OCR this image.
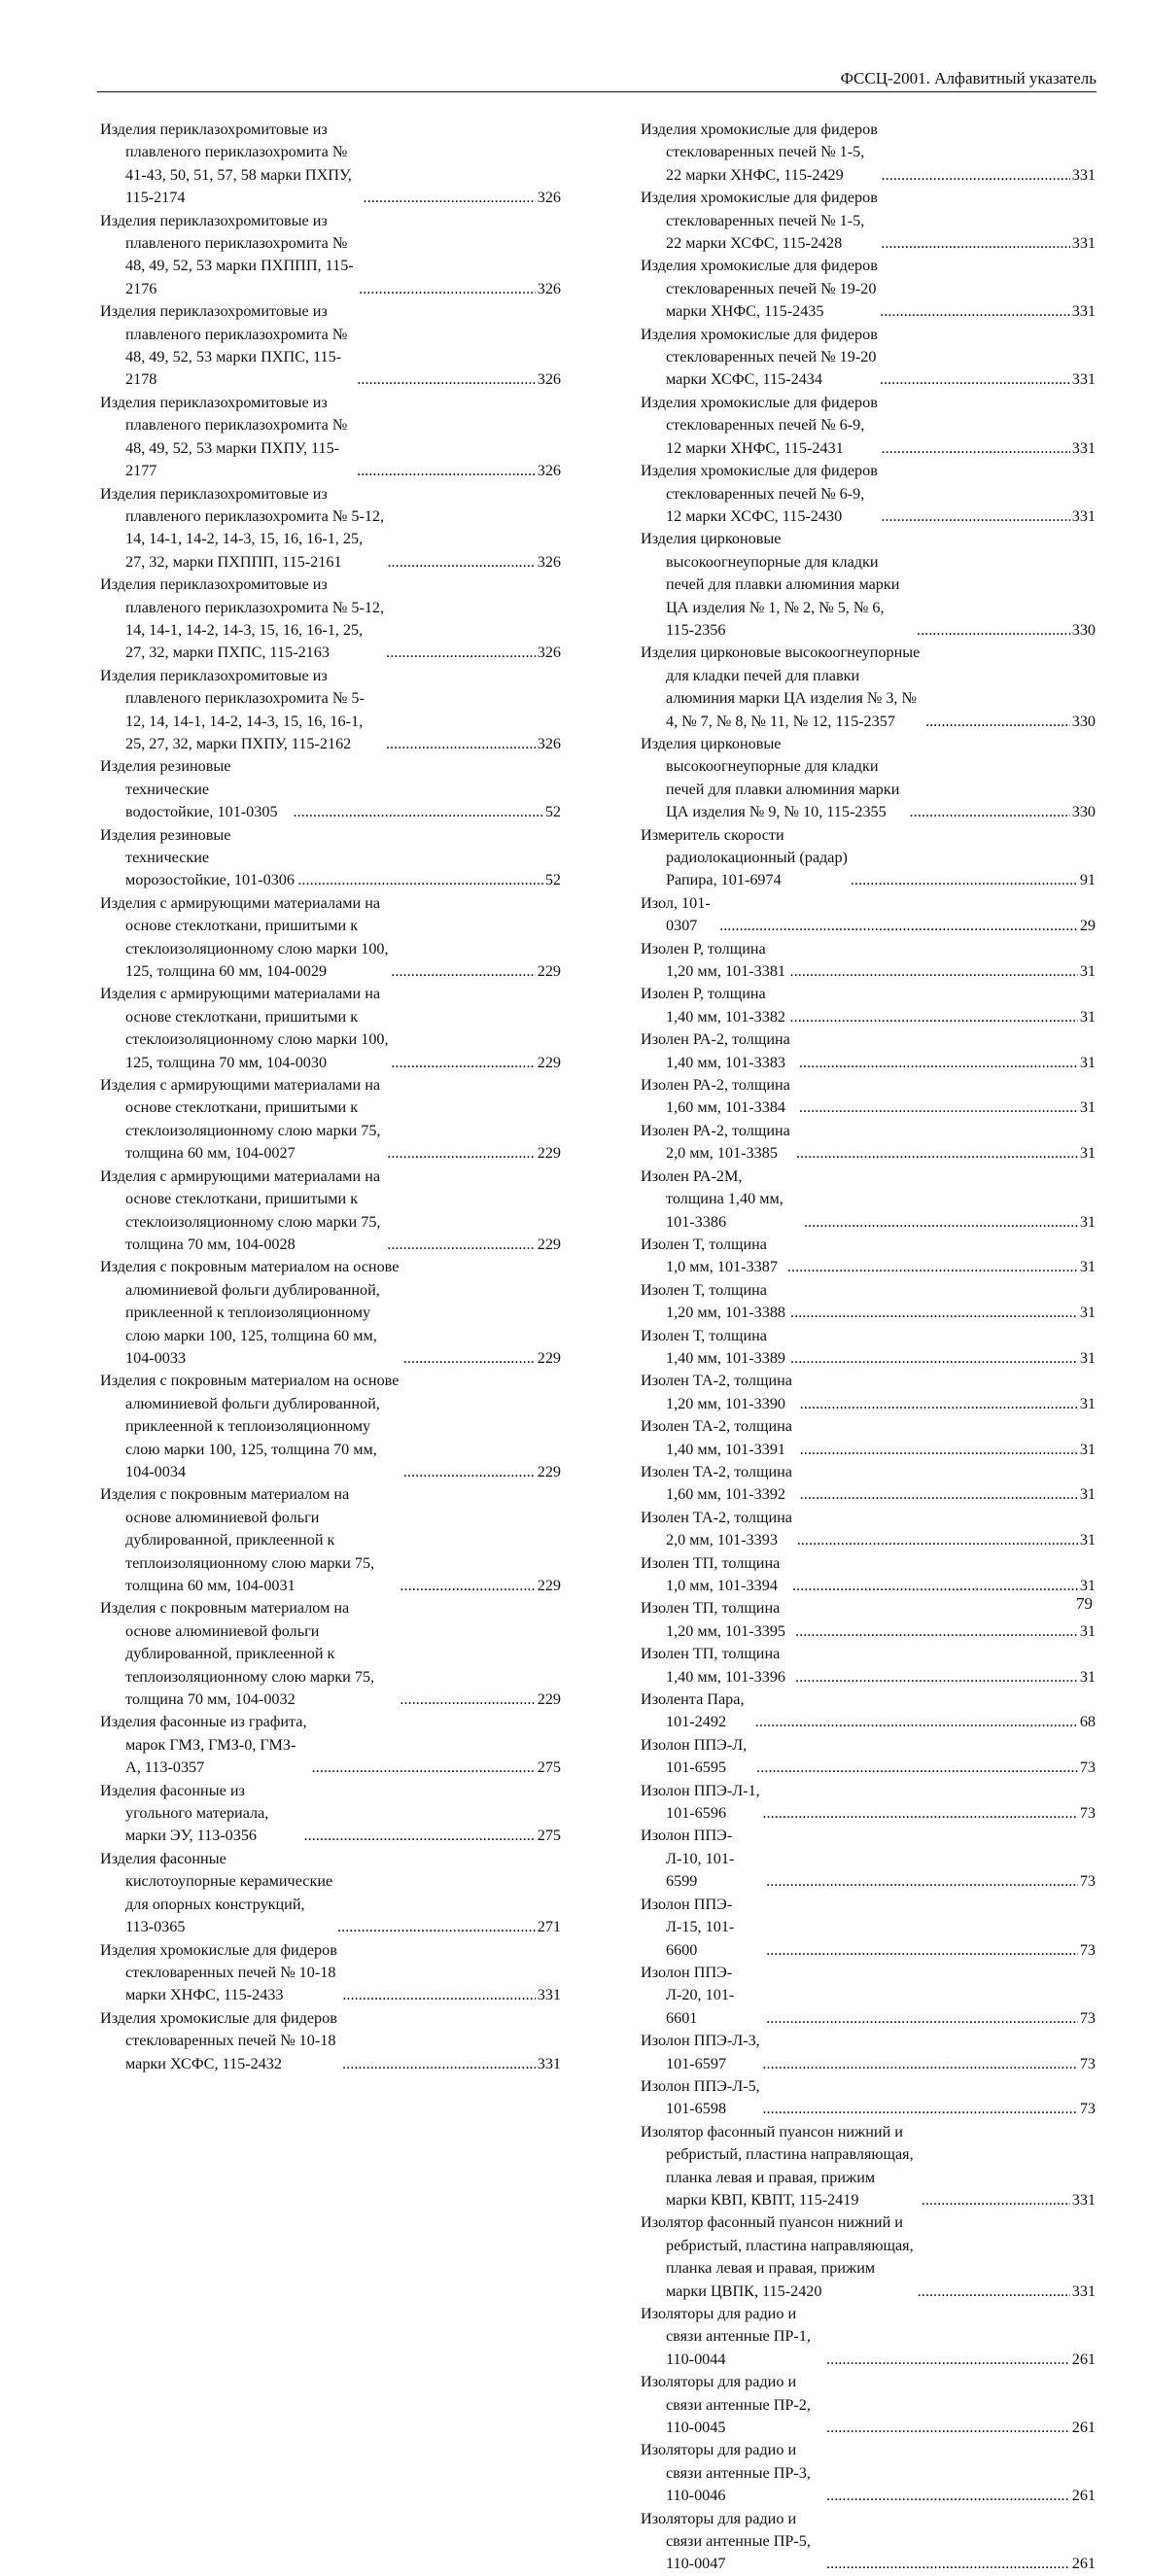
ФССЦ-2001. Алфавитный указатель
Изделия периклазохромитовые из плавленого периклазохромита № 41-43, 50, 51, 57, 58 марки ПХПУ, 115-2174 . . .	326
Изделия периклазохромитовые из плавленого периклазохромита № 48, 49, 52, 53 марки ПХППП, 115-2176 . . .	326
Изделия периклазохромитовые из плавленого периклазохромита № 48, 49, 52, 53 марки ПХПС, 115-2178 . . .	326
Изделия периклазохромитовые из плавленого периклазохромита № 48, 49, 52, 53 марки ПХПУ, 115-2177 . . .	326
Изделия периклазохромитовые из плавленого периклазохромита № 5-12, 14, 14-1, 14-2, 14-3, 15, 16, 16-1, 25, 27, 32, марки ПХППП, 115-2161 . . .	326
Изделия периклазохромитовые из плавленого периклазохромита № 5-12, 14, 14-1, 14-2, 14-3, 15, 16, 16-1, 25, 27, 32, марки ПХПС, 115-2163 . . .	326
Изделия периклазохромитовые из плавленого периклазохромита № 5-12, 14, 14-1, 14-2, 14-3, 15, 16, 16-1, 25, 27, 32, марки ПХПУ, 115-2162 . . .	326
Изделия резиновые технические водостойкие, 101-0305 . . .	52
Изделия резиновые технические морозостойкие, 101-0306 . . .	52
Изделия с армирующими материалами на основе стеклоткани, пришитыми к стеклоизоляционному слою марки 100, 125, толщина 60 мм, 104-0029 . . .	229
Изделия с армирующими материалами на основе стеклоткани, пришитыми к стеклоизоляционному слою марки 100, 125, толщина 70 мм, 104-0030 . . .	229
Изделия с армирующими материалами на основе стеклоткани, пришитыми к стеклоизоляционному слою марки 75, толщина 60 мм, 104-0027 . . .	229
Изделия с армирующими материалами на основе стеклоткани, пришитыми к стеклоизоляционному слою марки 75, толщина 70 мм, 104-0028 . . .	229
Изделия с покровным материалом на основе алюминиевой фольги дублированной, приклеенной к теплоизоляционному слою марки 100, 125, толщина 60 мм, 104-0033 . . .	229
Изделия с покровным материалом на основе алюминиевой фольги дублированной, приклеенной к теплоизоляционному слою марки 100, 125, толщина 70 мм, 104-0034 . . .	229
Изделия с покровным материалом на основе алюминиевой фольги дублированной, приклеенной к теплоизоляционному слою марки 75, толщина 60 мм, 104-0031 . . .	229
Изделия с покровным материалом на основе алюминиевой фольги дублированной, приклеенной к теплоизоляционному слою марки 75, толщина 70 мм, 104-0032 . . .	229
Изделия фасонные из графита, марок ГМЗ, ГМЗ-0, ГМЗ-А, 113-0357 . . .	275
Изделия фасонные из угольного материала, марки ЭУ, 113-0356 . . .	275
Изделия фасонные кислотоупорные керамические для опорных конструкций, 113-0365 . . .	271
Изделия хромокислые для фидеров стекловаренных печей № 10-18 марки ХНФС, 115-2433 . . .	331
Изделия хромокислые для фидеров стекловаренных печей № 10-18 марки ХСФС, 115-2432 . . .	331
Изделия хромокислые для фидеров стекловаренных печей № 1-5, 22 марки ХНФС, 115-2429 . . .	331
Изделия хромокислые для фидеров стекловаренных печей № 1-5, 22 марки ХСФС, 115-2428 . . .	331
Изделия хромокислые для фидеров стекловаренных печей № 19-20 марки ХНФС, 115-2435 . . .	331
Изделия хромокислые для фидеров стекловаренных печей № 19-20 марки ХСФС, 115-2434 . . .	331
Изделия хромокислые для фидеров стекловаренных печей № 6-9, 12 марки ХНФС, 115-2431 . . .	331
Изделия хромокислые для фидеров стекловаренных печей № 6-9, 12 марки ХСФС, 115-2430 . . .	331
Изделия цирконовые высокоогнеупорные для кладки печей для плавки алюминия марки ЦА изделия № 1, № 2, № 5, № 6, 115-2356 . . .	330
Изделия цирконовые высокоогнеупорные для кладки печей для плавки алюминия марки ЦА изделия № 3, № 4, № 7, № 8, № 11, № 12, 115-2357 . . .	330
Изделия цирконовые высокоогнеупорные для кладки печей для плавки алюминия марки ЦА изделия № 9, № 10, 115-2355 . . .	330
Измеритель скорости радиолокационный (радар) Рапира, 101-6974 . . .	91
Изол, 101-0307 . . .	29
Изолен Р, толщина 1,20 мм, 101-3381 . . .	31
Изолен Р, толщина 1,40 мм, 101-3382 . . .	31
Изолен РА-2, толщина 1,40 мм, 101-3383 . . .	31
Изолен РА-2, толщина 1,60 мм, 101-3384 . . .	31
Изолен РА-2, толщина 2,0 мм, 101-3385 . . .	31
Изолен РА-2М, толщина 1,40 мм, 101-3386 . . .	31
Изолен Т, толщина 1,0 мм, 101-3387 . . .	31
Изолен Т, толщина 1,20 мм, 101-3388 . . .	31
Изолен Т, толщина 1,40 мм, 101-3389 . . .	31
Изолен ТА-2, толщина 1,20 мм, 101-3390 . . .	31
Изолен ТА-2, толщина 1,40 мм, 101-3391 . . .	31
Изолен ТА-2, толщина 1,60 мм, 101-3392 . . .	31
Изолен ТА-2, толщина 2,0 мм, 101-3393 . . .	31
Изолен ТП, толщина 1,0 мм, 101-3394 . . .	31
Изолен ТП, толщина 1,20 мм, 101-3395 . . .	31
Изолен ТП, толщина 1,40 мм, 101-3396 . . .	31
Изолента Пара, 101-2492 . . .	68
Изолон ППЭ-Л, 101-6595 . . .	73
Изолон ППЭ-Л-1, 101-6596 . . .	73
Изолон ППЭ-Л-10, 101-6599 . . .	73
Изолон ППЭ-Л-15, 101-6600 . . .	73
Изолон ППЭ-Л-20, 101-6601 . . .	73
Изолон ППЭ-Л-3, 101-6597 . . .	73
Изолон ППЭ-Л-5, 101-6598 . . .	73
Изолятор фасонный пуансон нижний и ребристый, пластина направляющая, планка левая и правая, прижим марки КВП, КВПТ, 115-2419 . . .	331
Изолятор фасонный пуансон нижний и ребристый, пластина направляющая, планка левая и правая, прижим марки ЦВПК, 115-2420 . . .	331
Изоляторы для радио и связи антенные ПР-1, 110-0044 . . .	261
Изоляторы для радио и связи антенные ПР-2, 110-0045 . . .	261
Изоляторы для радио и связи антенные ПР-3, 110-0046 . . .	261
Изоляторы для радио и связи антенные ПР-5, 110-0047 . . .	261
79
